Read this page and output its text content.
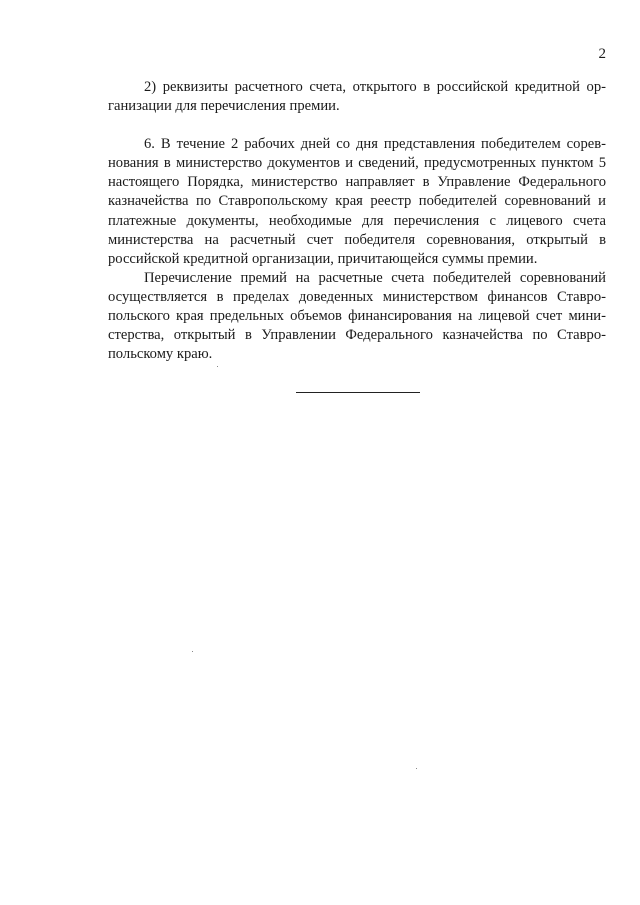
2

2) реквизиты расчетного счета, открытого в российской кредитной организации для перечисления премии.

6. В течение 2 рабочих дней со дня представления победителем соревнования в министерство документов и сведений, предусмотренных пунктом 5 настоящего Порядка, министерство направляет в Управление Федерального казначейства по Ставропольскому края реестр победителей соревнований и платежные документы, необходимые для перечисления с лицевого счета министерства на расчетный счет победителя соревнования, открытый в российской кредитной организации, причитающейся суммы премии.

Перечисление премий на расчетные счета победителей соревнований осуществляется в пределах доведенных министерством финансов Ставропольского края предельных объемов финансирования на лицевой счет министерства, открытый в Управлении Федерального казначейства по Ставропольскому краю.
